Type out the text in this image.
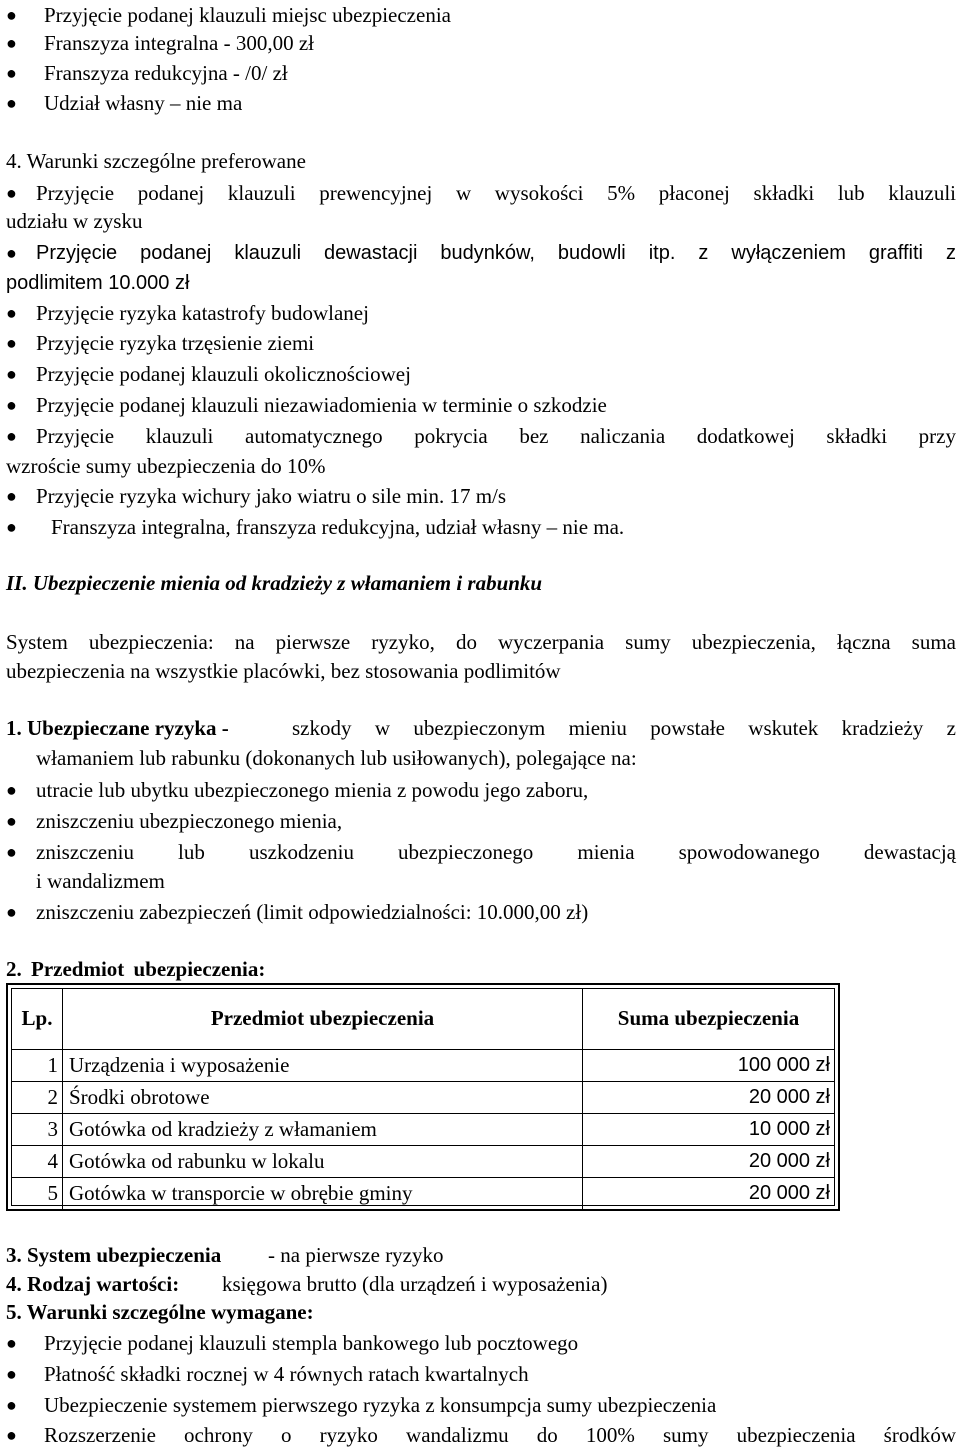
● Przyjęcie podanej klauzuli miejsc ubezpieczenia
● Franszyza integralna - 300,00 zł
● Franszyza redukcyjna - /0/ zł
● Udział własny – nie ma
4. Warunki szczególne preferowane
● Przyjęcie podanej klauzuli prewencyjnej w wysokości 5% płaconej składki lub klauzuli
udziału w zysku
● Przyjęcie podanej klauzuli dewastacji budynków, budowli itp. z wyłączeniem graffiti z
podlimitem 10.000 zł
● Przyjęcie ryzyka katastrofy budowlanej
● Przyjęcie ryzyka trzęsienie ziemi
● Przyjęcie podanej klauzuli okolicznościowej
● Przyjęcie podanej klauzuli niezawiadomienia w terminie o szkodzie
● Przyjęcie klauzuli automatycznego pokrycia bez naliczania dodatkowej składki przy
wzroście sumy ubezpieczenia do 10%
● Przyjęcie ryzyka wichury jako wiatru o sile min. 17 m/s
● Franszyza integralna, franszyza redukcyjna, udział własny – nie ma.
II. Ubezpieczenie mienia od kradzieży z włamaniem i rabunku
System ubezpieczenia: na pierwsze ryzyko, do wyczerpania sumy ubezpieczenia, łączna suma
ubezpieczenia na wszystkie placówki, bez stosowania podlimitów
1. Ubezpieczane ryzyka -	szkody w ubezpieczonym mieniu powstałe wskutek kradzieży z
włamaniem lub rabunku (dokonanych lub usiłowanych), polegające na:
● utracie lub ubytku ubezpieczonego mienia z powodu jego zaboru,
● zniszczeniu ubezpieczonego mienia,
● zniszczeniu lub uszkodzeniu ubezpieczonego mienia spowodowanego dewastacją
i wandalizmem
● zniszczeniu zabezpieczeń (limit odpowiedzialności: 10.000,00 zł)
2. Przedmiot ubezpieczenia:
Lp.	Przedmiot ubezpieczenia	Suma ubezpieczenia
1 Urządzenia i wyposażenie	100 000 zł
2 Środki obrotowe	20 000 zł
3 Gotówka od kradzieży z włamaniem	10 000 zł
4 Gotówka od rabunku w lokalu	20 000 zł
5 Gotówka w transporcie w obrębie gminy	20 000 zł
3. System ubezpieczenia - na pierwsze ryzyko
4. Rodzaj wartości: księgowa brutto (dla urządzeń i wyposażenia)
5. Warunki szczególne wymagane:
● Przyjęcie podanej klauzuli stempla bankowego lub pocztowego
● Płatność składki rocznej w 4 równych ratach kwartalnych
● Ubezpieczenie systemem pierwszego ryzyka z konsumpcja sumy ubezpieczenia
● Rozszerzenie ochrony o ryzyko wandalizmu do 100% sumy ubezpieczenia środków
